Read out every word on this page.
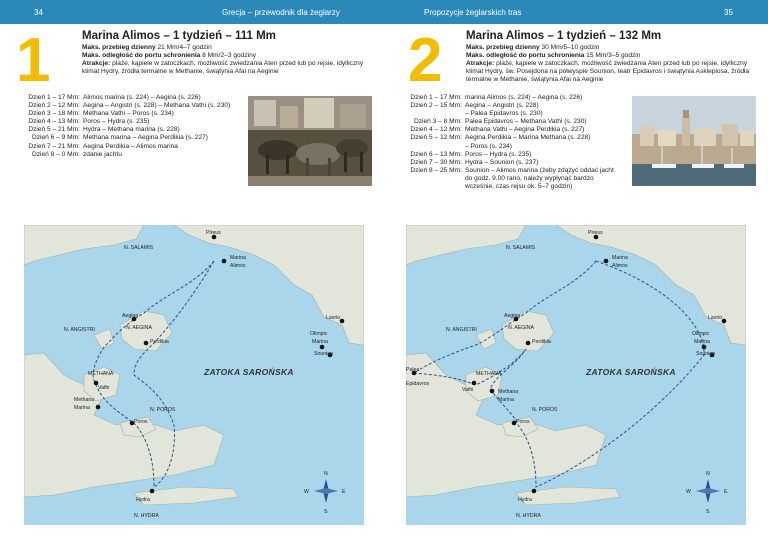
34	Grecja – przewodnik dla żeglarzy
1	Marina Alimos – 1 tydzień – 111 Mm
Maks. przebieg dzienny 21 Mm/4–7 godzin
Maks. odległość do portu schronienia 8 Mm/2–3 godziny
Atrakcje: plaże, kąpiele w zatoczkach, możliwość zwiedzania Aten przed lub po rejsie, idylliczny klimat Hydry, źródła termalne w Methanie, świątynia Afai na Aeginie
Dzień 1 – 17 Mm: Alimos marina (s. 224) – Aegina (s. 226)
Dzień 2 – 12 Mm: Aegina – Angistri (s. 228) – Methana Vathi (s. 230)
Dzień 3 – 18 Mm: Methana Vathi – Poros (s. 234)
Dzień 4 – 13 Mm: Poros – Hydra (s. 235)
Dzień 5 – 21 Mm: Hydra – Methana marina (s. 228)
Dzień 6 – 9 Mm: Methana marina – Aegina Perdikia (s. 227)
Dzień 7 – 21 Mm: Aegina Perdikia – Alimos marina
Dzień 8 – 0 Mm: zdanie jachtu
Pireus
N. SALAMIS
Marina
Alimos
Aegina
N. AEGINA
N. ANGISTRI
Perdikia
Lavrio
Olimpic
Marina
Sounion
ZATOKA SAROŃSKA
METHANA
Vathi
Methana
Marina	N. POROS
Poros
Hydra
N. HYDRA
N
S
E
W
Propozycje żeglarskich tras	35
2 Marina Alimos – 1 tydzień – 132 Mm
Maks. przebieg dzienny 30 Mm/5–10 godzin
Maks. odległość do portu schronienia 15 Mm/3–5 godzin
Atrakcje: plaże, kąpiele w zatoczkach, możliwość zwiedzania Aten przed lub po rejsie, idylliczny klimat Hydry, św. Posejdona na półwyspie Sounion, teatr Epidavros i świątynia Asklepiosa, źródła termalne w Methanie, świątynia Afai na Aeginie
Dzień 1 – 17 Mm: marina Alimos (s. 224) – Aegina (s. 226)
Dzień 2 – 15 Mm: Aegina – Angistri (s. 228)
– Palea Epidavros (s. 230)
Dzień 3 – 8 Mm: Palea Epidavros – Methana Vathi (s. 230)
Dzień 4 – 12 Mm: Methana Vathi – Aegina Perdikia (s. 227)
Dzień 5 – 12 Mm: Aegina Perdikia – Marina Methana (s. 228)
– Poros (s. 234)
Dzień 6 – 13 Mm: Poros – Hydra (s. 235)
Dzień 7 – 30 Mm: Hydra – Sounion (s. 237)
Dzień 8 – 25 Mm: Sounion – Alimos marina (żeby zdążyć oddać jacht
do godz. 9.00 rano, należy wypłynąć bardzo
wcześnie, czas rejsu ok. 5–7 godzin)
Pireus
N. SALAMIS
Marina
Alimos
Aegina
N. AEGINA
N. ANGISTRI
Perdikia
Lavrio
Olimpic
Marina
Sounion
ZATOKA SAROŃSKA
METHANA
Vathi
Palea
Epidavros
Methana
Marina
N. POROS
Poros
Hydra
N. HYDRA
N
S
E
W
